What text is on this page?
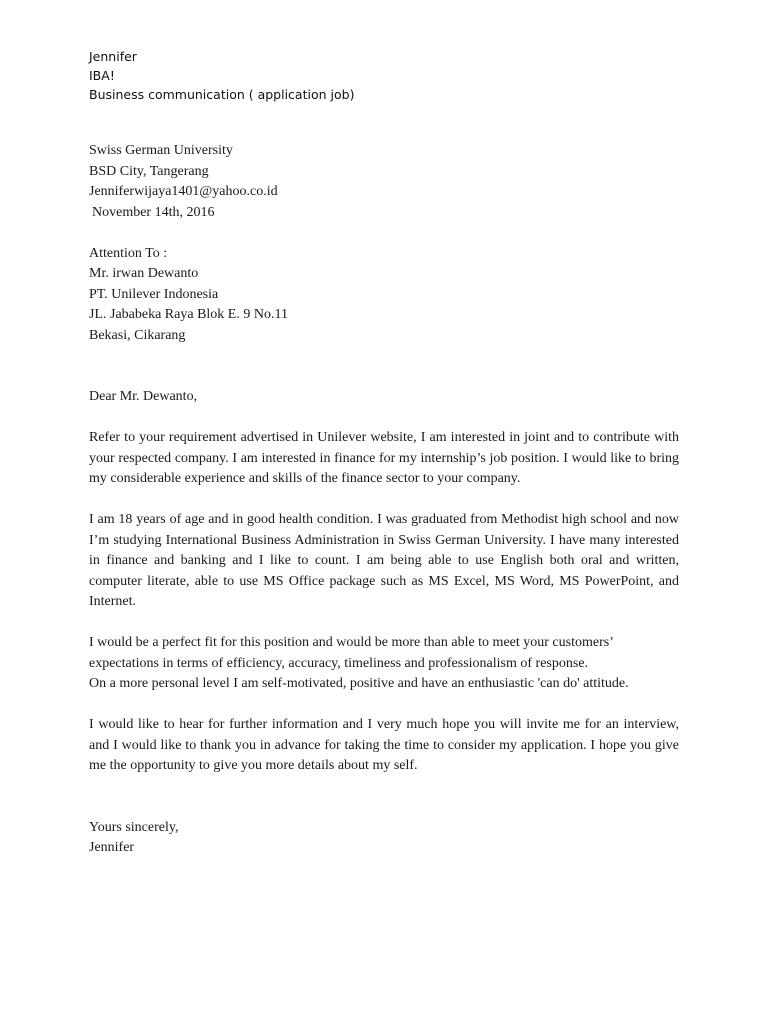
Jennifer
IBA!
Business communication ( application job)
Swiss German University
BSD City, Tangerang
Jenniferwijaya1401@yahoo.co.id
November 14th, 2016
Attention To :
Mr. irwan Dewanto
PT. Unilever Indonesia
JL. Jababeka Raya Blok E. 9 No.11
Bekasi, Cikarang
Dear Mr. Dewanto,

Refer to your requirement advertised in Unilever website, I am interested in joint and to contribute with your respected company. I am interested in finance for my internship’s job position. I would like to bring my considerable experience and skills of the finance sector to your company.

I am 18 years of age and in good health condition. I was graduated from Methodist high school and now I’m studying International Business Administration in Swiss German University. I have many interested in finance and banking and I like to count. I am being able to use English both oral and written, computer literate, able to use MS Office package such as MS Excel, MS Word, MS PowerPoint, and Internet.

I would be a perfect fit for this position and would be more than able to meet your customers’ expectations in terms of efficiency, accuracy, timeliness and professionalism of response.

On a more personal level I am self-motivated, positive and have an enthusiastic 'can do' attitude.

I would like to hear for further information and I very much hope you will invite me for an interview, and I would like to thank you in advance for taking the time to consider my application. I hope you give me the opportunity to give you more details about my self.

Yours sincerely,
Jennifer
